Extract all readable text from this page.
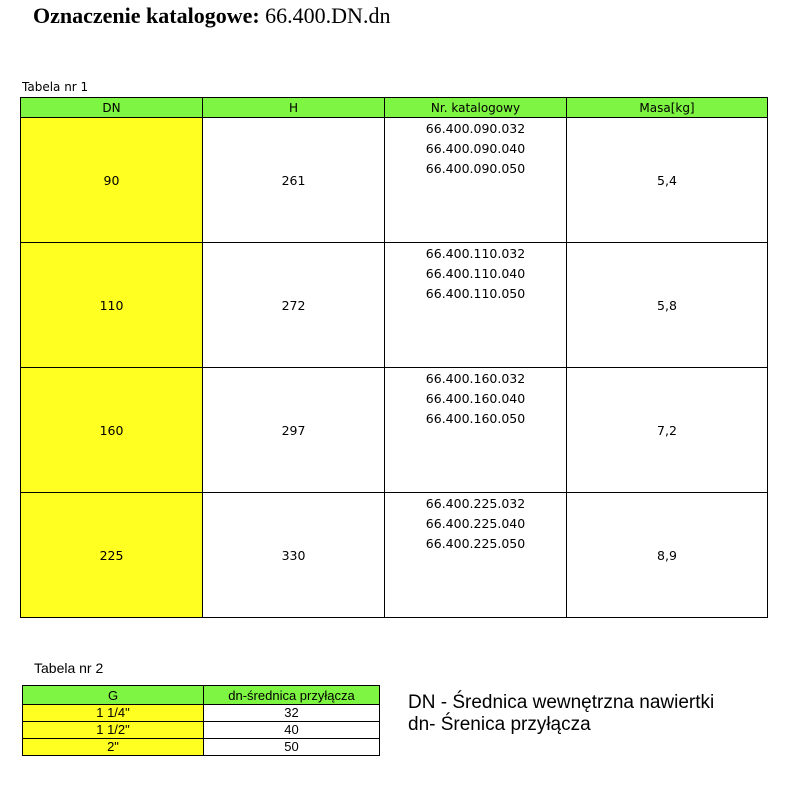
Oznaczenie katalogowe: 66.400.DN.dn
Tabela nr 1
DN	H	Nr. katalogowy	Masa[kg]
90	261	66.400.090.032
66.400.090.040
66.400.090.050	5,4
110	272	66.400.110.032
66.400.110.040
66.400.110.050	5,8
160	297	66.400.160.032
66.400.160.040
66.400.160.050	7,2
225	330	66.400.225.032
66.400.225.040
66.400.225.050	8,9
Tabela nr 2
G	dn-średnica przyłącza
1 1/4"	32
1 1/2"	40
2"	50
DN - Średnica wewnętrzna nawiertki
dn- Śrenica przyłącza
